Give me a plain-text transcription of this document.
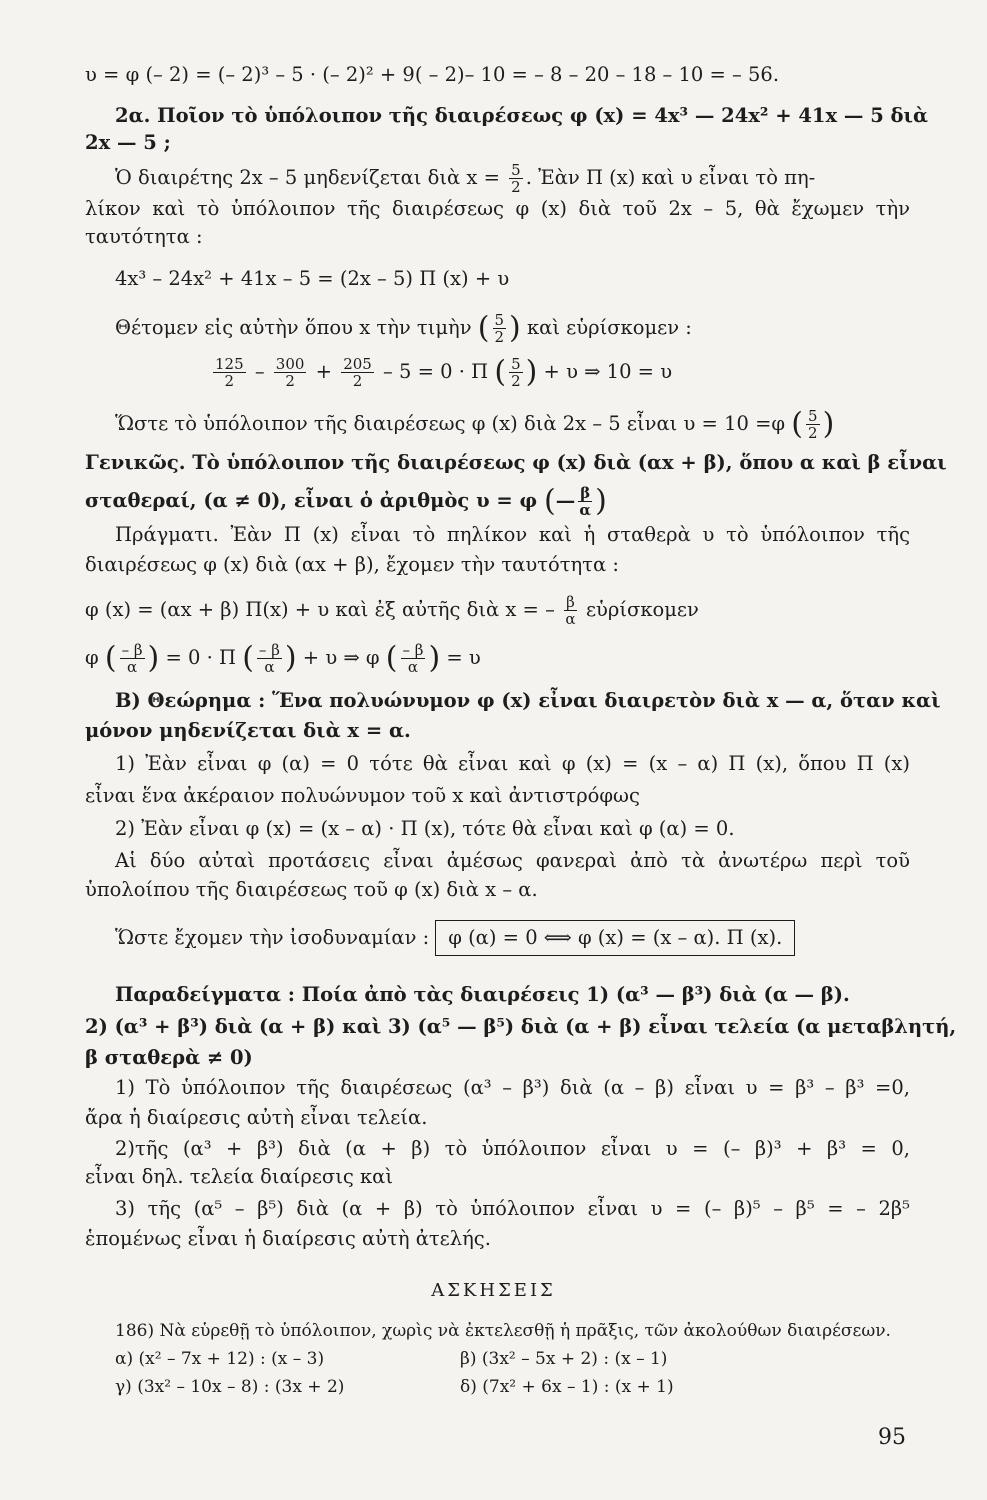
υ = φ (– 2) = (– 2)³ – 5 · (– 2)² + 9( – 2)– 10 = – 8 – 20 – 18 – 10 = – 56.
2α. Ποῖον τὸ ὑπόλοιπον τῆς διαιρέσεως φ (x) = 4x³ — 24x² + 41x — 5 διὰ
2x — 5 ;
Ὁ διαιρέτης 2x – 5 μηδενίζεται διὰ $x = \frac{5}{2}$ . Ἐὰν Π (x) καὶ υ εἶναι τὸ πη-
λίκον καὶ τὸ ὑπόλοιπον τῆς διαιρέσεως φ (x) διὰ τοῦ 2x – 5, θὰ ἔχωμεν τὴν
ταυτότητα :
4x³ – 24x² + 41x – 5 = (2x – 5) Π (x) + υ
Θέτομεν εἰς αὐτὴν ὅπου x τὴν τιμὴν ( $\frac{5}{2}$ ) καὶ εὑρίσκομεν :
$\frac{125}{2} - \frac{300}{2} + \frac{205}{2} - 5 = 0 \cdot \Pi$ ( $\frac{5}{2}$ ) + υ ⇒ 10 = υ
Ὥστε τὸ ὑπόλοιπον τῆς διαιρέσεως φ (x) διὰ 2x – 5 εἶναι υ = 10 =φ ( $\frac{5}{2}$ )
Γενικῶς. Τὸ ὑπόλοιπον τῆς διαιρέσεως φ (x) διὰ (αx + β), ὅπου α καὶ β εἶναι
σταθεραί, (α ≠ 0), εἶναι ὁ ἀριθμὸς υ = φ (— $\frac{\beta}{\alpha}$ )
Πράγματι. Ἐὰν Π (x) εἶναι τὸ πηλίκον καὶ ἡ σταθερὰ υ τὸ ὑπόλοιπον τῆς
διαιρέσεως φ (x) διὰ (αx + β), ἔχομεν τὴν ταυτότητα :
φ (x) = (αx + β) Π(x) + υ καὶ ἐξ αὐτῆς διὰ x = – $\frac{\beta}{\alpha}$ εὑρίσκομεν
φ ( $\frac{- \beta}{\alpha}$ ) = 0 · Π ( $\frac{- \beta}{\alpha}$ ) + υ ⇒ φ ( $\frac{- \beta}{\alpha}$ ) = υ
Β) Θεώρημα : Ἕνα πολυώνυμον φ (x) εἶναι διαιρετὸν διὰ x — α, ὅταν καὶ
μόνον μηδενίζεται διὰ x = α.
1) Ἐὰν εἶναι φ (α) = 0 τότε θὰ εἶναι καὶ φ (x) = (x – α) Π (x), ὅπου Π (x)
εἶναι ἕνα ἀκέραιον πολυώνυμον τοῦ x καὶ ἀντιστρόφως
2) Ἐὰν εἶναι φ (x) = (x – α) · Π (x), τότε θὰ εἶναι καὶ φ (α) = 0.
Αἱ δύο αὐταὶ προτάσεις εἶναι ἀμέσως φανεραὶ ἀπὸ τὰ ἀνωτέρω περὶ τοῦ
ὑπολοίπου τῆς διαιρέσεως τοῦ φ (x) διὰ x – α.
Ὥστε ἔχομεν τὴν ἰσοδυναμίαν : φ (α) = 0 ⟺ φ (x) = (x – α). Π (x).
Παραδείγματα : Ποία ἀπὸ τὰς διαιρέσεις 1) (α³ — β³) διὰ (α — β).
2) (α³ + β³) διὰ (α + β) καὶ 3) (α⁵ — β⁵) διὰ (α + β) εἶναι τελεία (α μεταβλητή,
β σταθερὰ ≠ 0)
1) Τὸ ὑπόλοιπον τῆς διαιρέσεως (α³ – β³) διὰ (α – β) εἶναι υ = β³ – β³ =0,
ἄρα ἡ διαίρεσις αὐτὴ εἶναι τελεία.
2)τῆς (α³ + β³) διὰ (α + β) τὸ ὑπόλοιπον εἶναι υ = (– β)³ + β³ = 0,
εἶναι δηλ. τελεία διαίρεσις καὶ
3) τῆς (α⁵ – β⁵) διὰ (α + β) τὸ ὑπόλοιπον εἶναι υ = (– β)⁵ – β⁵ = – 2β⁵
ἑπομένως εἶναι ἡ διαίρεσις αὐτὴ ἀτελής.
ΑΣΚΗΣΕΙΣ
186) Νὰ εὑρεθῇ τὸ ὑπόλοιπον, χωρὶς νὰ ἐκτελεσθῇ ἡ πρᾶξις, τῶν ἀκολούθων διαιρέσεων.
α) (x² – 7x + 12) : (x – 3)	β) (3x² – 5x + 2) : (x – 1)
γ) (3x² – 10x – 8) : (3x + 2)	δ) (7x² + 6x – 1) : (x + 1)
95
